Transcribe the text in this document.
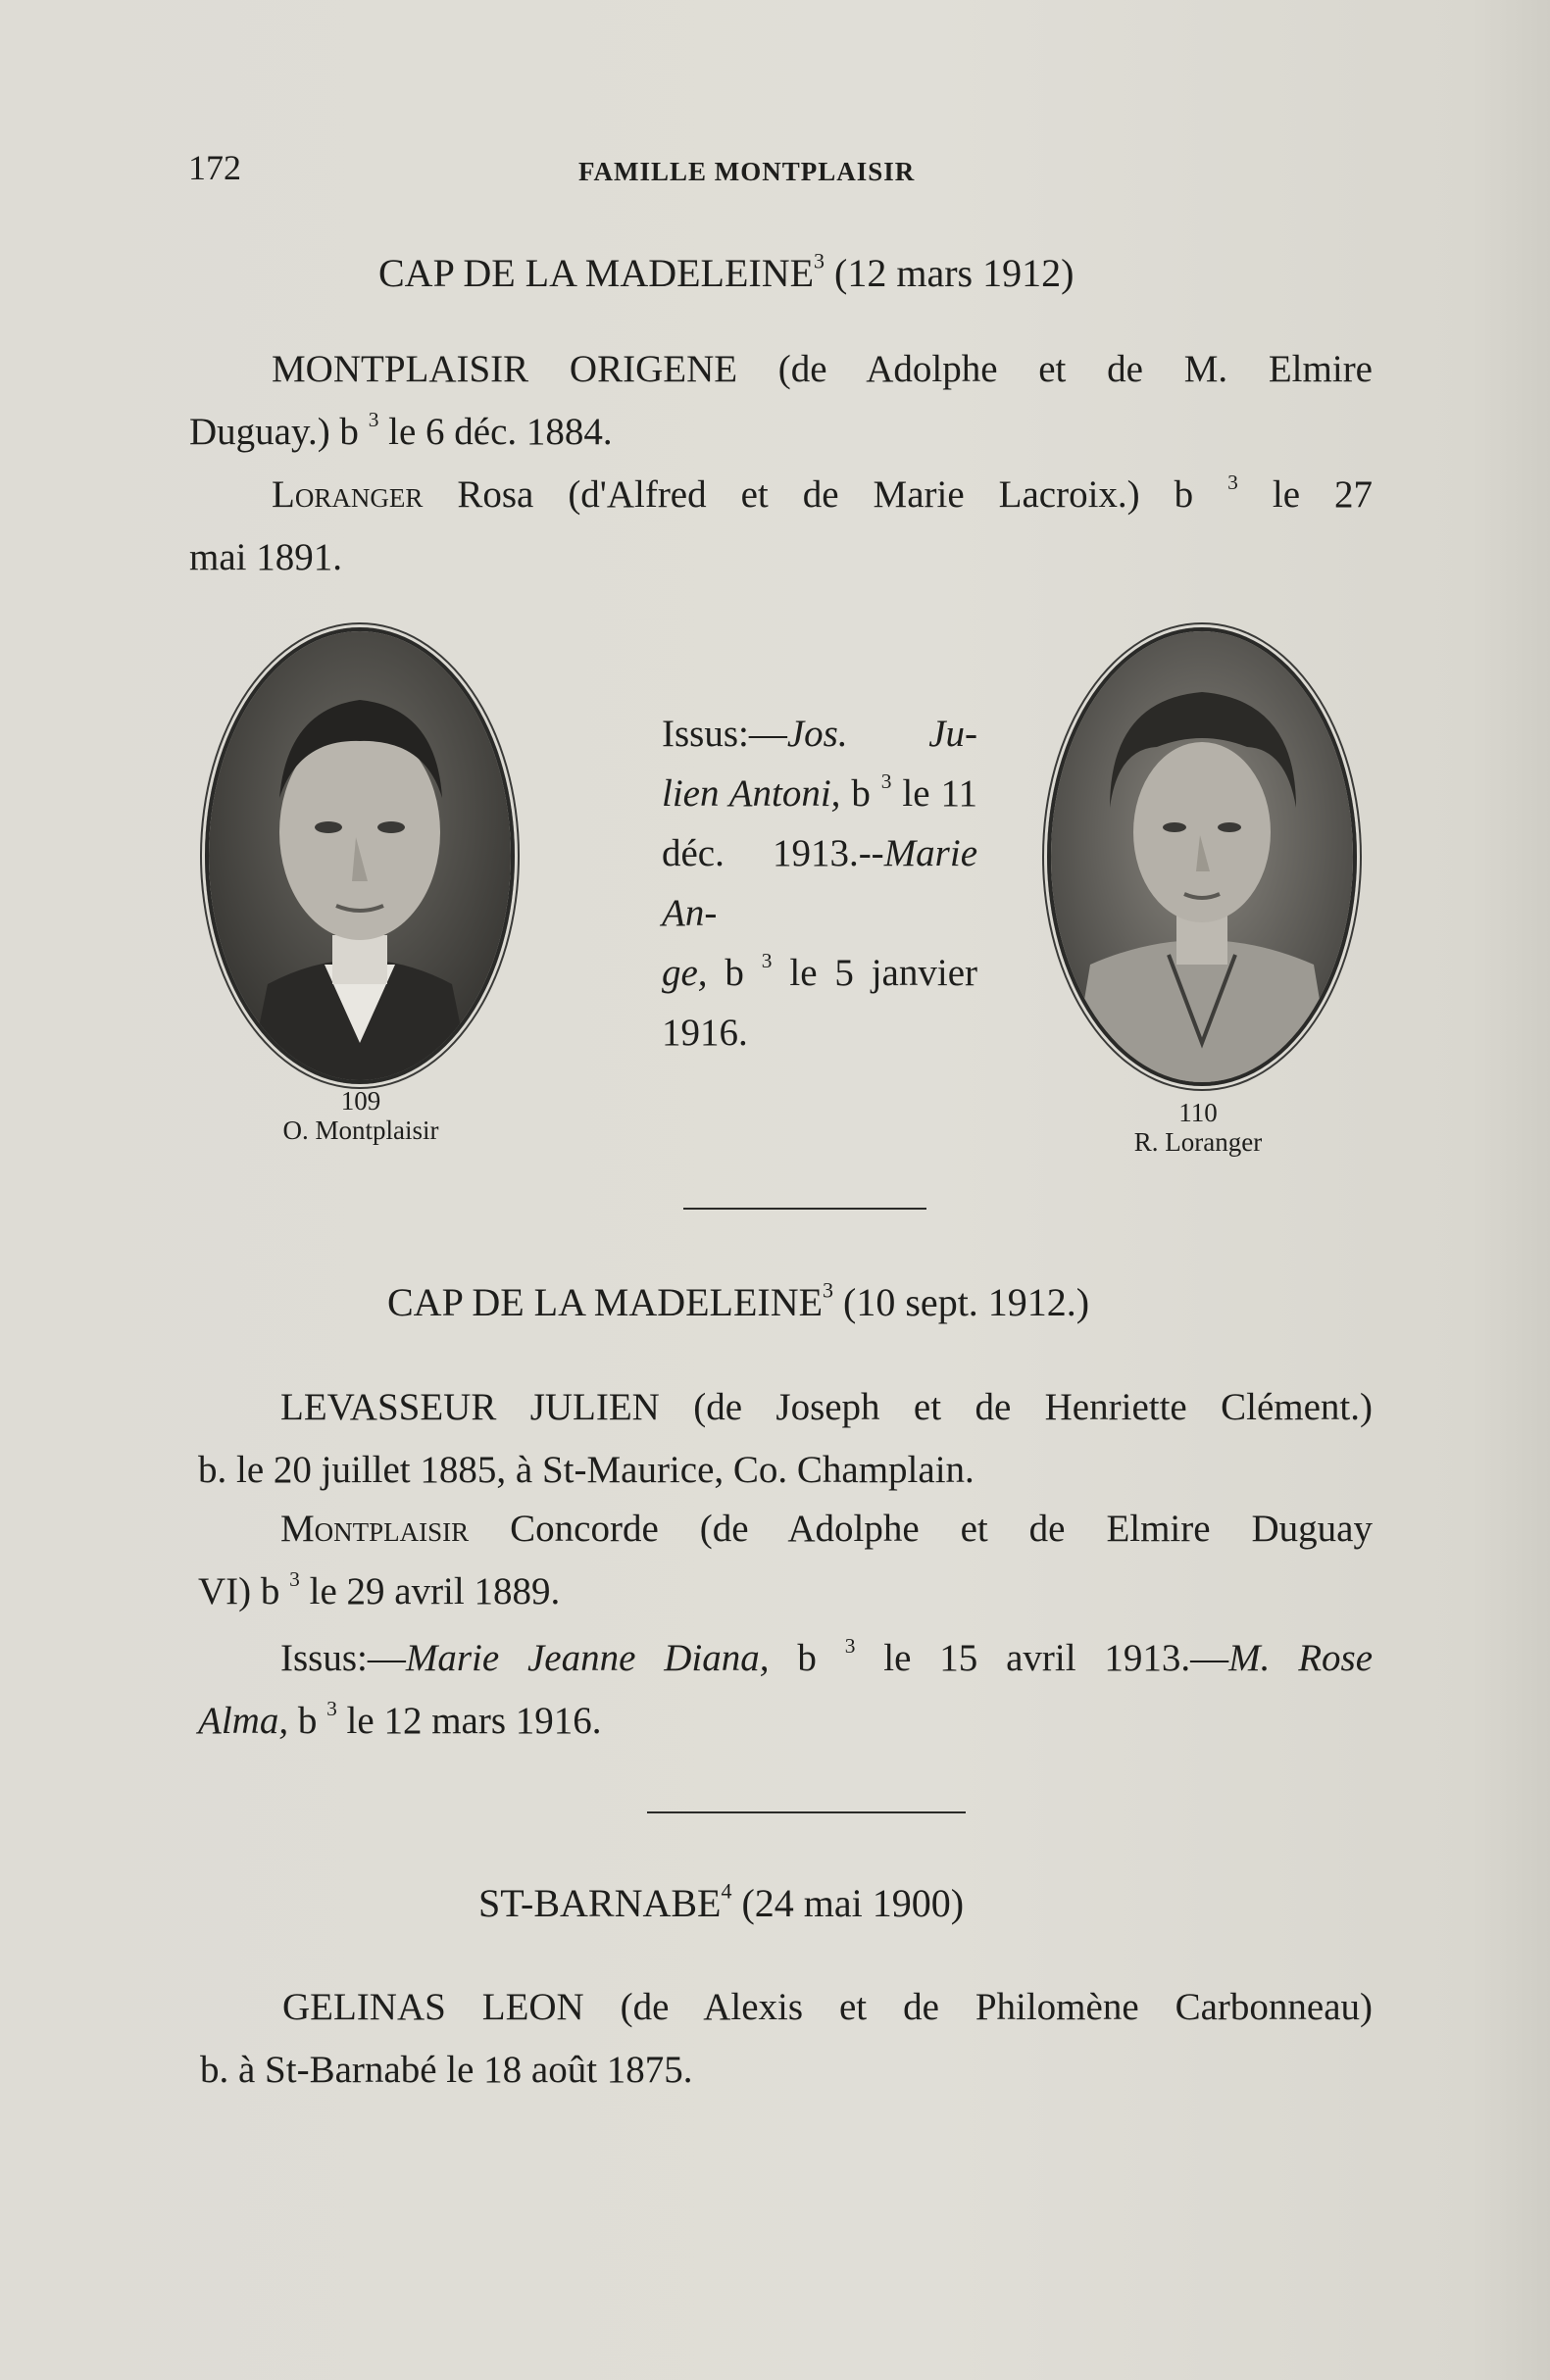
172	FAMILLE MONTPLAISIR
CAP DE LA MADELEINE$^3$ (12 mars 1912)
MONTPLAISIR ORIGENE (de Adolphe et de M. Elmire
Duguay.) b $^3$ le 6 déc. 1884.
Loranger Rosa (d'Alfred et de Marie Lacroix.) b $^3$ le 27
mai 1891.
109
O. Montplaisir
Issus:—Jos. Ju-
lien Antoni, b $^3$ le 11
déc. 1913.--Marie An-
ge, b $^3$ le 5 janvier
1916.
110
R. Loranger
CAP DE LA MADELEINE$^3$ (10 sept. 1912.)
LEVASSEUR JULIEN (de Joseph et de Henriette Clément.)
b. le 20 juillet 1885, à St-Maurice, Co. Champlain.
Montplaisir Concorde (de Adolphe et de Elmire Duguay
VI) b $^3$ le 29 avril 1889.
Issus:—Marie Jeanne Diana, b $^3$ le 15 avril 1913.—M. Rose
Alma, b $^3$ le 12 mars 1916.
ST-BARNABE$^4$ (24 mai 1900)
GELINAS LEON (de Alexis et de Philomène Carbonneau)
b. à St-Barnabé le 18 août 1875.
